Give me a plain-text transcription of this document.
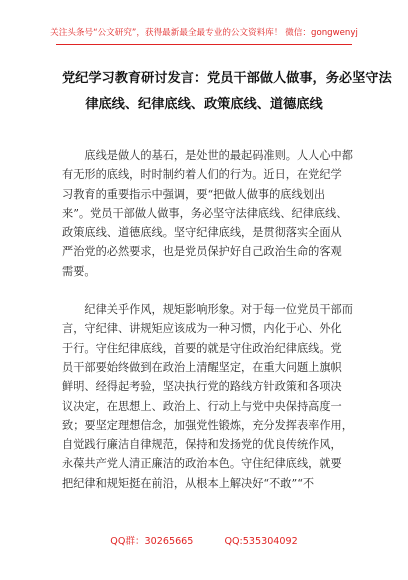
关注头条号“公文研究”，获得最新最全最专业的公文资料库！ 微信：gongwenyj
党纪学习教育研讨发言：党员干部做人做事，务必坚守法
律底线、纪律底线、政策底线、道德底线

　　底线是做人的基石，是处世的最起码准则。人人心中都
有无形的底线，时时制约着人们的行为。近日，在党纪学
习教育的重要指示中强调，要“把做人做事的底线划出
来”。党员干部做人做事，务必坚守法律底线、纪律底线、
政策底线、道德底线。坚守纪律底线，是贯彻落实全面从
严治党的必然要求，也是党员保护好自己政治生命的客观
需要。

　　纪律关乎作风，规矩影响形象。对于每一位党员干部而
言，守纪律、讲规矩应该成为一种习惯，内化于心、外化
于行。守住纪律底线，首要的就是守住政治纪律底线。党
员干部要始终做到在政治上清醒坚定，在重大问题上旗帜
鲜明、经得起考验，坚决执行党的路线方针政策和各项决
议决定，在思想上、政治上、行动上与党中央保持高度一
致；要坚定理想信念，加强党性锻炼，充分发挥表率作用，
自觉践行廉洁自律规范，保持和发扬党的优良传统作风，
永葆共产党人清正廉洁的政治本色。守住纪律底线，就要
把纪律和规矩挺在前沿，从根本上解决好“不敢”“不

QQ群：30265665	QQ:535304092
